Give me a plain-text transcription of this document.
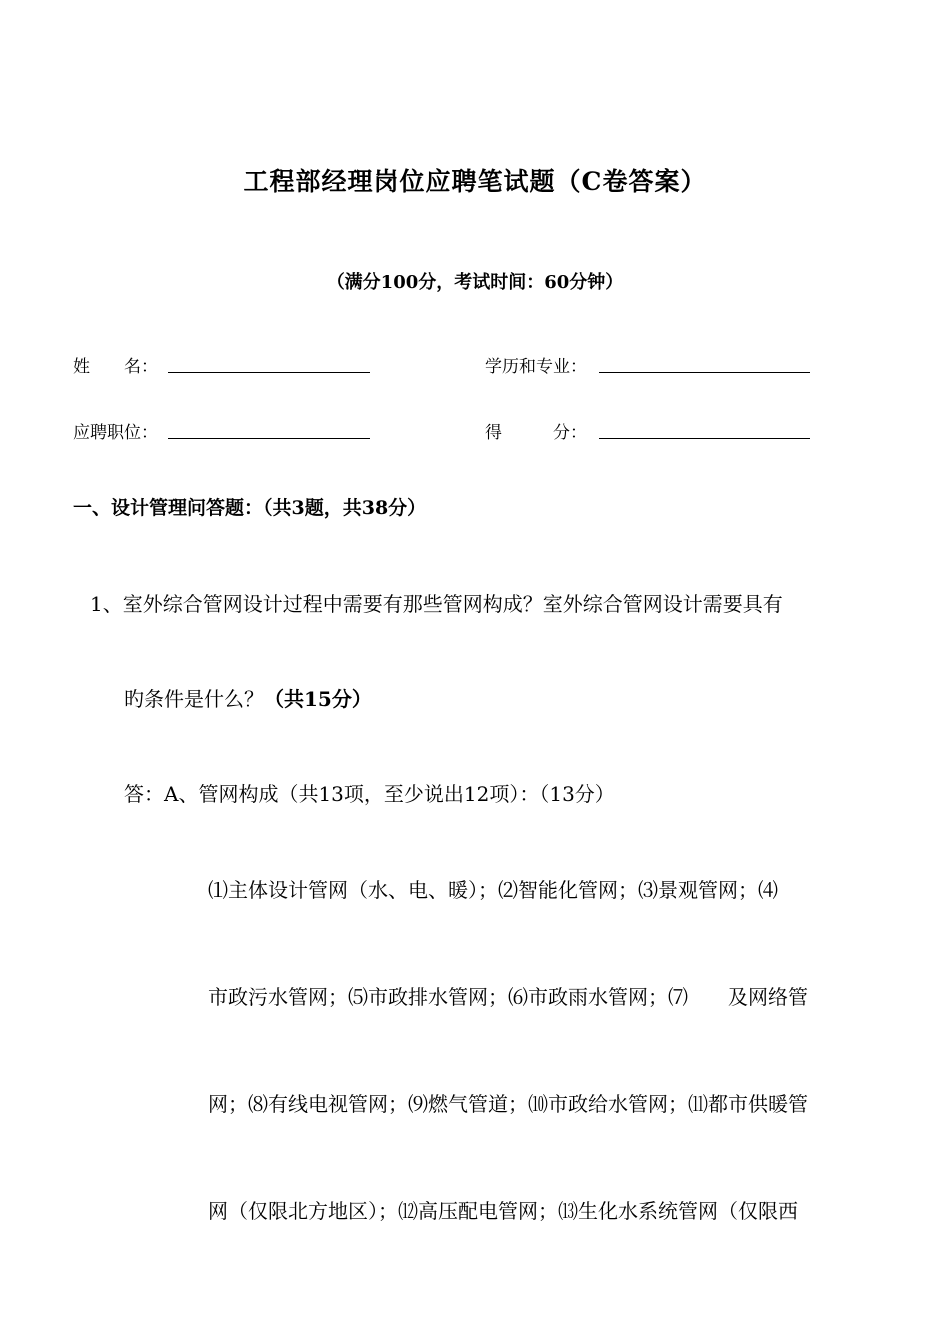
工程部经理岗位应聘笔试题（C卷答案）
（满分100分，考试时间：60分钟）
姓　　名：	学历和专业：
应聘职位：	得　　　分：
一、设计管理问答题：（共3题，共38分）
1、室外综合管网设计过程中需要有那些管网构成？室外综合管网设计需要具有
旳条件是什么？（共15分）
答：A、管网构成（共13项，至少说出12项）：（13分）
⑴主体设计管网（水、电、暖）；⑵智能化管网；⑶景观管网；⑷
市政污水管网；⑸市政排水管网；⑹市政雨水管网；⑺　　及网络管
网；⑻有线电视管网；⑼燃气管道；⑽市政给水管网；⑾都市供暖管
网（仅限北方地区）；⑿高压配电管网；⒀生化水系统管网（仅限西
